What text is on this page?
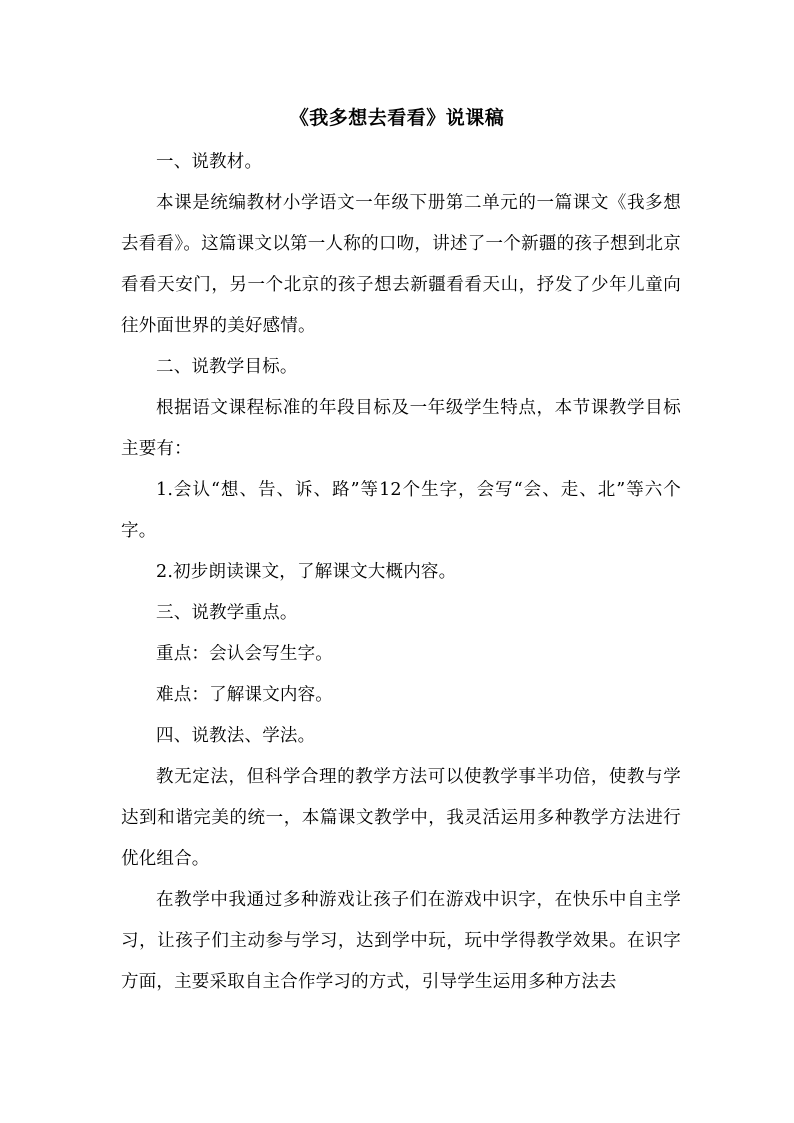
《我多想去看看》说课稿

一、说教材。

本课是统编教材小学语文一年级下册第二单元的一篇课文《我多想去看看》。这篇课文以第一人称的口吻，讲述了一个新疆的孩子想到北京看看天安门，另一个北京的孩子想去新疆看看天山，抒发了少年儿童向往外面世界的美好感情。

二、说教学目标。

根据语文课程标准的年段目标及一年级学生特点，本节课教学目标主要有：

1.会认“想、告、诉、路”等12个生字，会写“会、走、北”等六个字。

2.初步朗读课文，了解课文大概内容。

三、说教学重点。

重点：会认会写生字。

难点：了解课文内容。

四、说教法、学法。

教无定法，但科学合理的教学方法可以使教学事半功倍，使教与学达到和谐完美的统一，本篇课文教学中，我灵活运用多种教学方法进行优化组合。

在教学中我通过多种游戏让孩子们在游戏中识字，在快乐中自主学习，让孩子们主动参与学习，达到学中玩，玩中学得教学效果。在识字方面，主要采取自主合作学习的方式，引导学生运用多种方法去
